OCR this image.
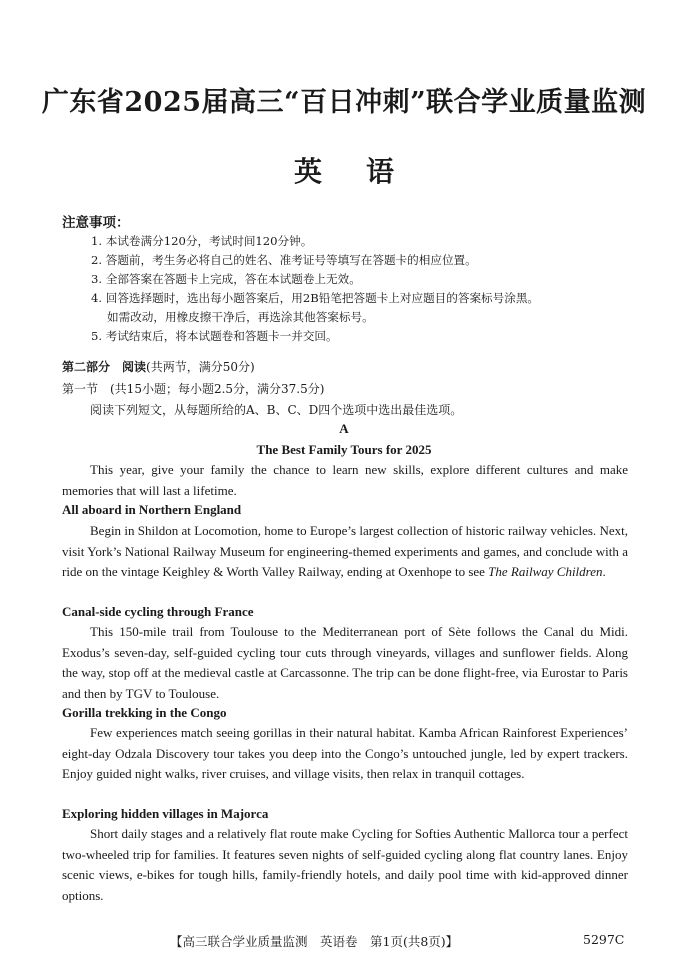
广东省2025届高三“百日冲刺”联合学业质量监测
英语
注意事项：
1. 本试卷满分120分，考试时间120分钟。
2. 答题前，考生务必将自己的姓名、准考证号等填写在答题卡的相应位置。
3. 全部答案在答题卡上完成，答在本试题卷上无效。
4. 回答选择题时，选出每小题答案后，用2B铅笔把答题卡上对应题目的答案标号涂黑。
如需改动，用橡皮擦干净后，再选涂其他答案标号。
5. 考试结束后，将本试题卷和答题卡一并交回。
第二部分　阅读(共两节，满分50分)
第一节　(共15小题；每小题2.5分，满分37.5分)
阅读下列短文，从每题所给的A、B、C、D四个选项中选出最佳选项。
A
The Best Family Tours for 2025

This year, give your family the chance to learn new skills, explore different cultures and make memories that will last a lifetime.

All aboard in Northern England

Begin in Shildon at Locomotion, home to Europe’s largest collection of historic railway vehicles. Next, visit York’s National Railway Museum for engineering-themed experiments and games, and conclude with a ride on the vintage Keighley & Worth Valley Railway, ending at Oxenhope to see The Railway Children.

Canal-side cycling through France

This 150-mile trail from Toulouse to the Mediterranean port of Sète follows the Canal du Midi. Exodus’s seven-day, self-guided cycling tour cuts through vineyards, villages and sunflower fields. Along the way, stop off at the medieval castle at Carcassonne. The trip can be done flight-free, via Eurostar to Paris and then by TGV to Toulouse.

Gorilla trekking in the Congo

Few experiences match seeing gorillas in their natural habitat. Kamba African Rainforest Experiences’ eight-day Odzala Discovery tour takes you deep into the Congo’s untouched jungle, led by expert trackers. Enjoy guided night walks, river cruises, and village visits, then relax in tranquil cottages.

Exploring hidden villages in Majorca

Short daily stages and a relatively flat route make Cycling for Softies Authentic Mallorca tour a perfect two-wheeled trip for families. It features seven nights of self-guided cycling along flat country lanes. Enjoy scenic views, e-bikes for tough hills, family-friendly hotels, and daily pool time with kid-approved dinner options.

【高三联合学业质量监测　英语卷　第1页(共8页)】	5297C
